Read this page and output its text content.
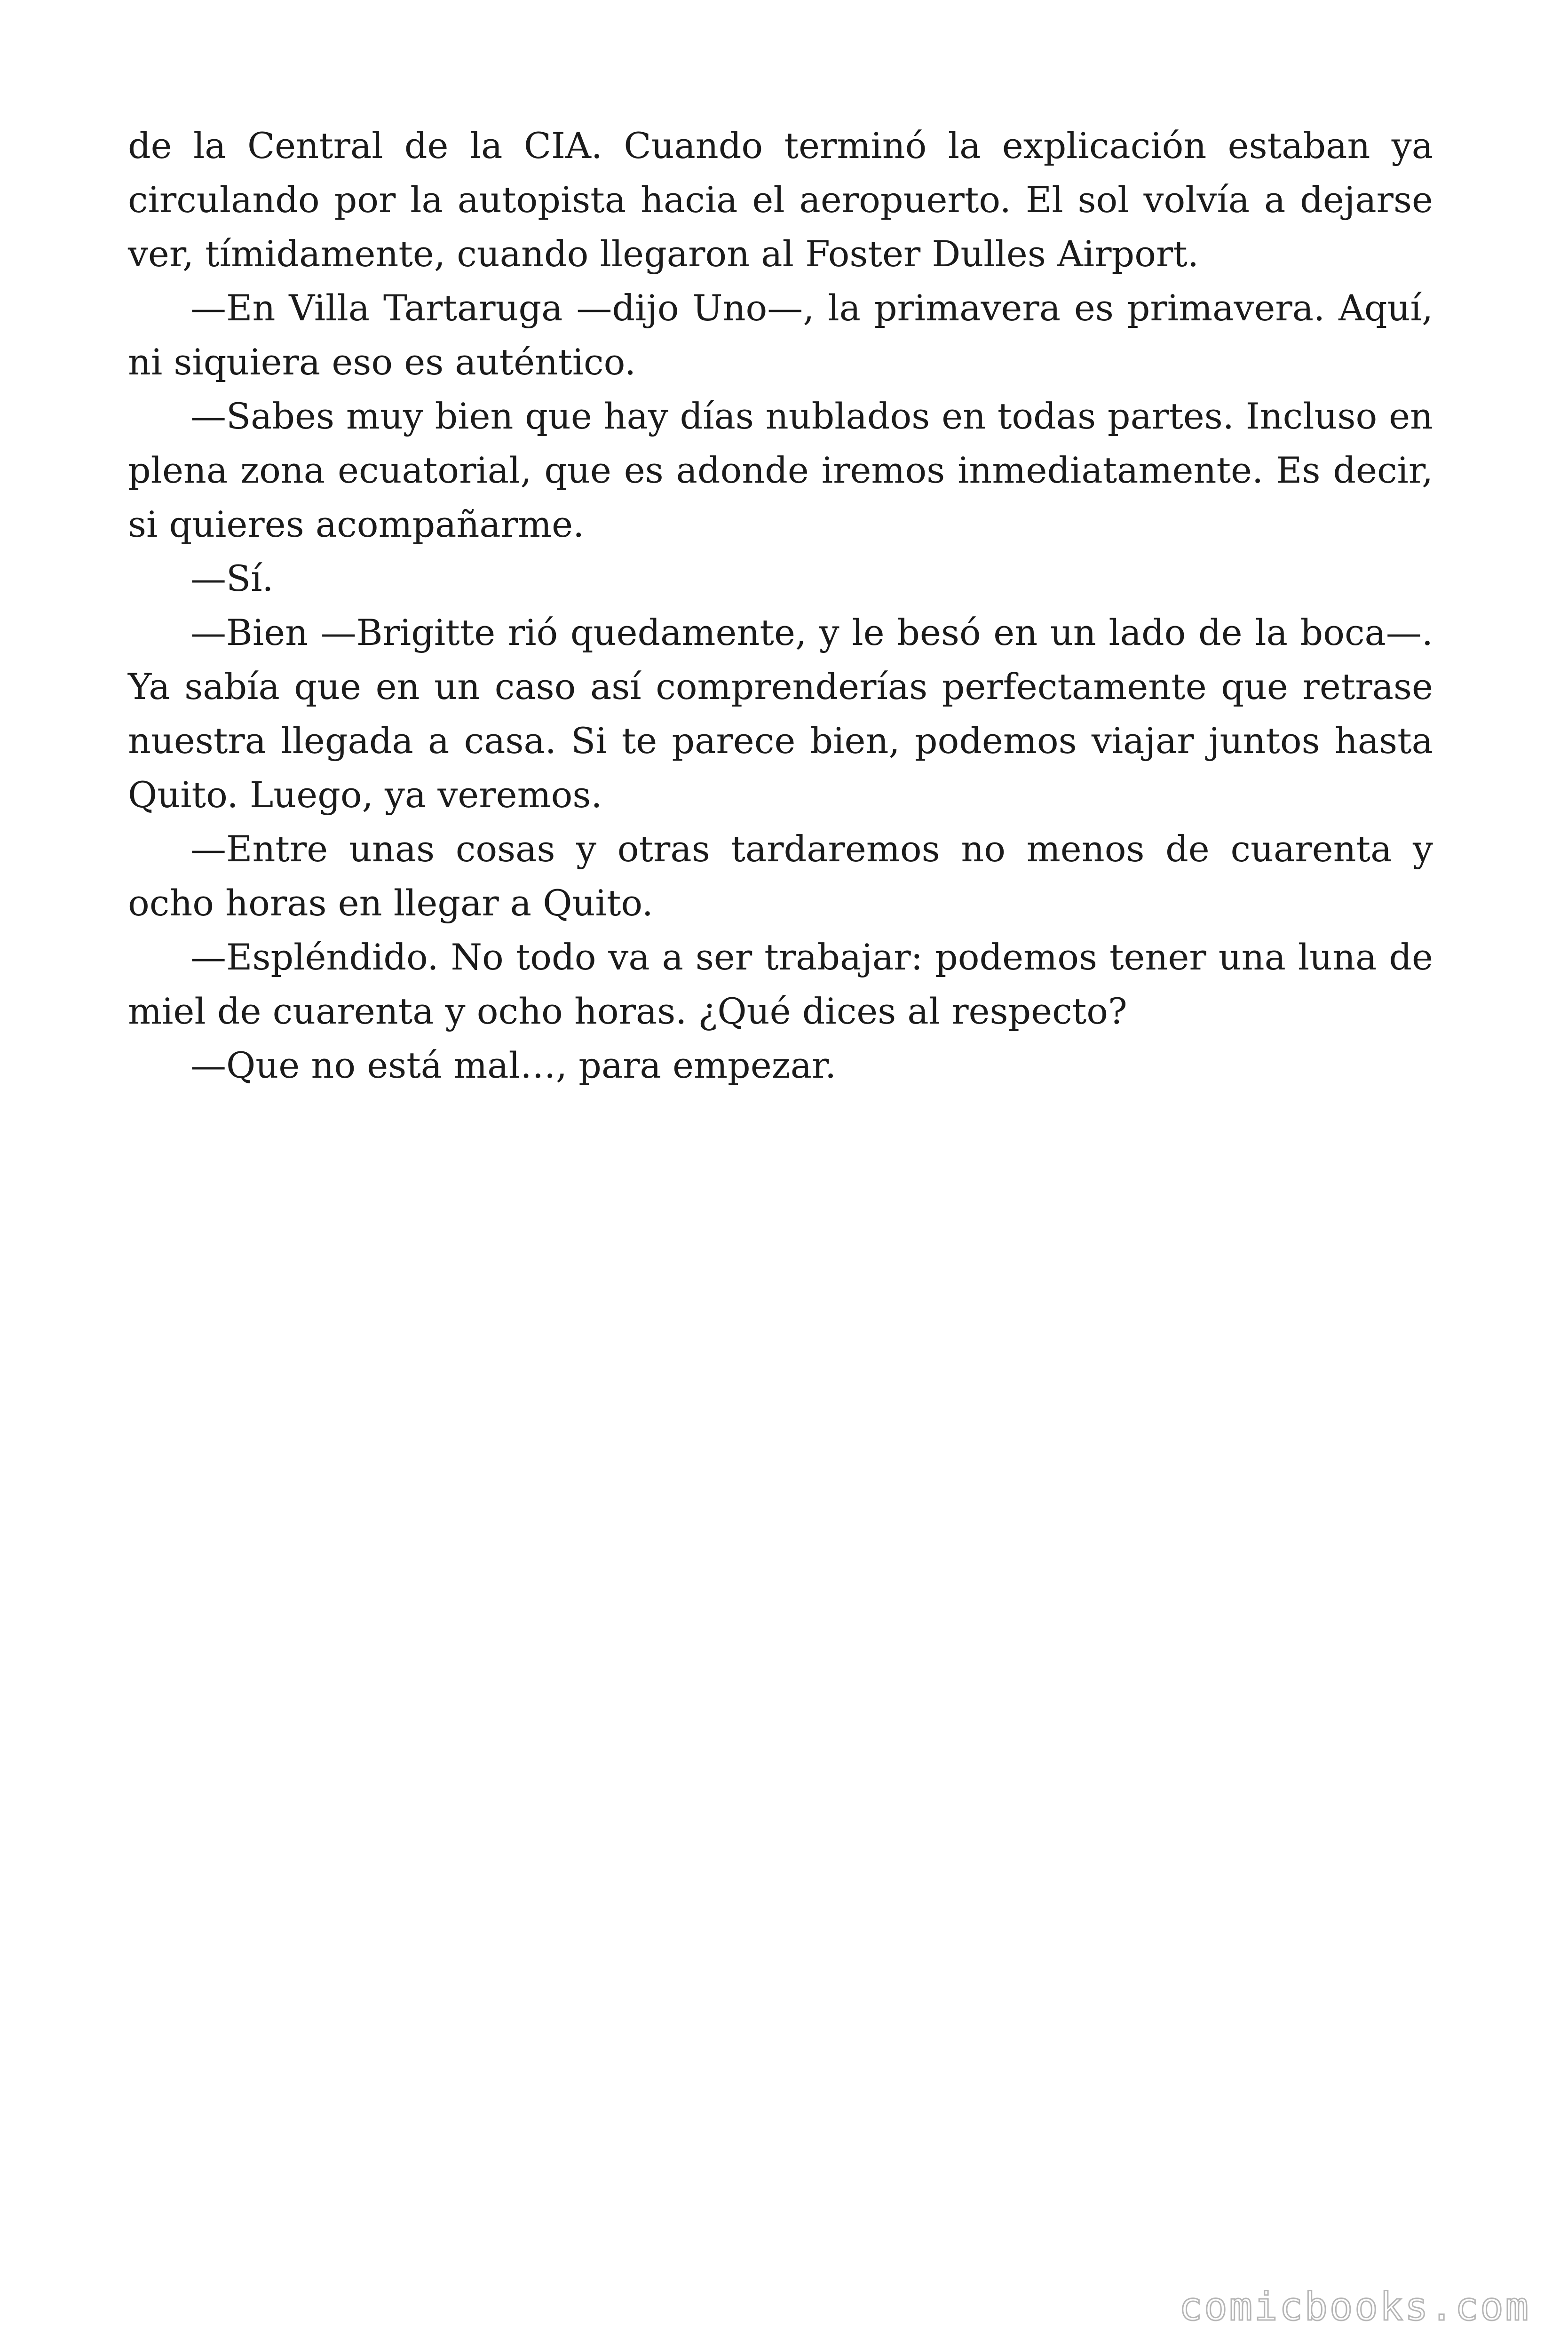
de la Central de la CIA. Cuando terminó la explicación estaban ya circulando por la autopista hacia el aeropuerto. El sol volvía a dejarse ver, tímidamente, cuando llegaron al Foster Dulles Airport.

—En Villa Tartaruga —dijo Uno—, la primavera es primavera. Aquí, ni siquiera eso es auténtico.

—Sabes muy bien que hay días nublados en todas partes. Incluso en plena zona ecuatorial, que es adonde iremos inmediatamente. Es decir, si quieres acompañarme.

—Sí.

—Bien —Brigitte rió quedamente, y le besó en un lado de la boca—. Ya sabía que en un caso así comprenderías perfectamente que retrase nuestra llegada a casa. Si te parece bien, podemos viajar juntos hasta Quito. Luego, ya veremos.

—Entre unas cosas y otras tardaremos no menos de cuarenta y ocho horas en llegar a Quito.

—Espléndido. No todo va a ser trabajar: podemos tener una luna de miel de cuarenta y ocho horas. ¿Qué dices al respecto?

—Que no está mal…, para empezar.

comicbooks.com
